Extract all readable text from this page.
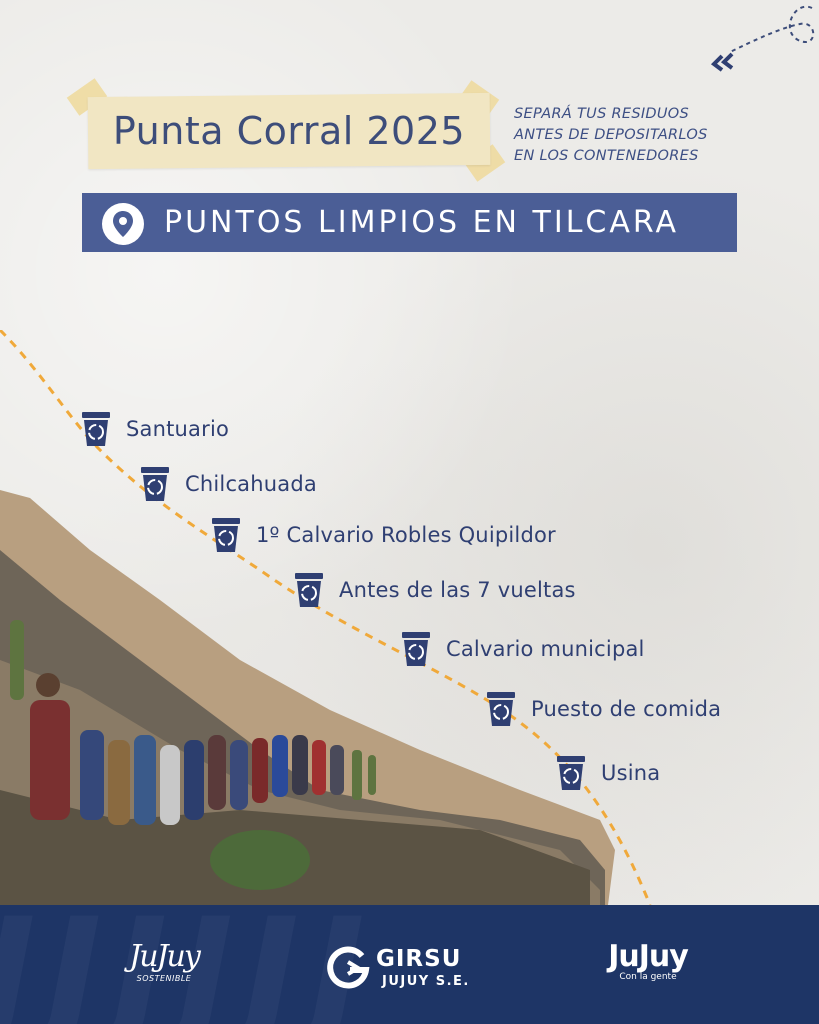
Punta Corral 2025	SEPARÁ TUS RESIDUOS
ANTES DE DEPOSITARLOS
EN LOS CONTENEDORES
PUNTOS LIMPIOS EN TILCARA
Santuario
Chilcahuada
1º Calvario Robles Quipildor
Antes de las 7 vueltas
Calvario municipal
Puesto de comida
Usina
JuJuy
SOSTENIBLE
GIRSU
JUJUY S.E.
JuJuy
Con la gente
